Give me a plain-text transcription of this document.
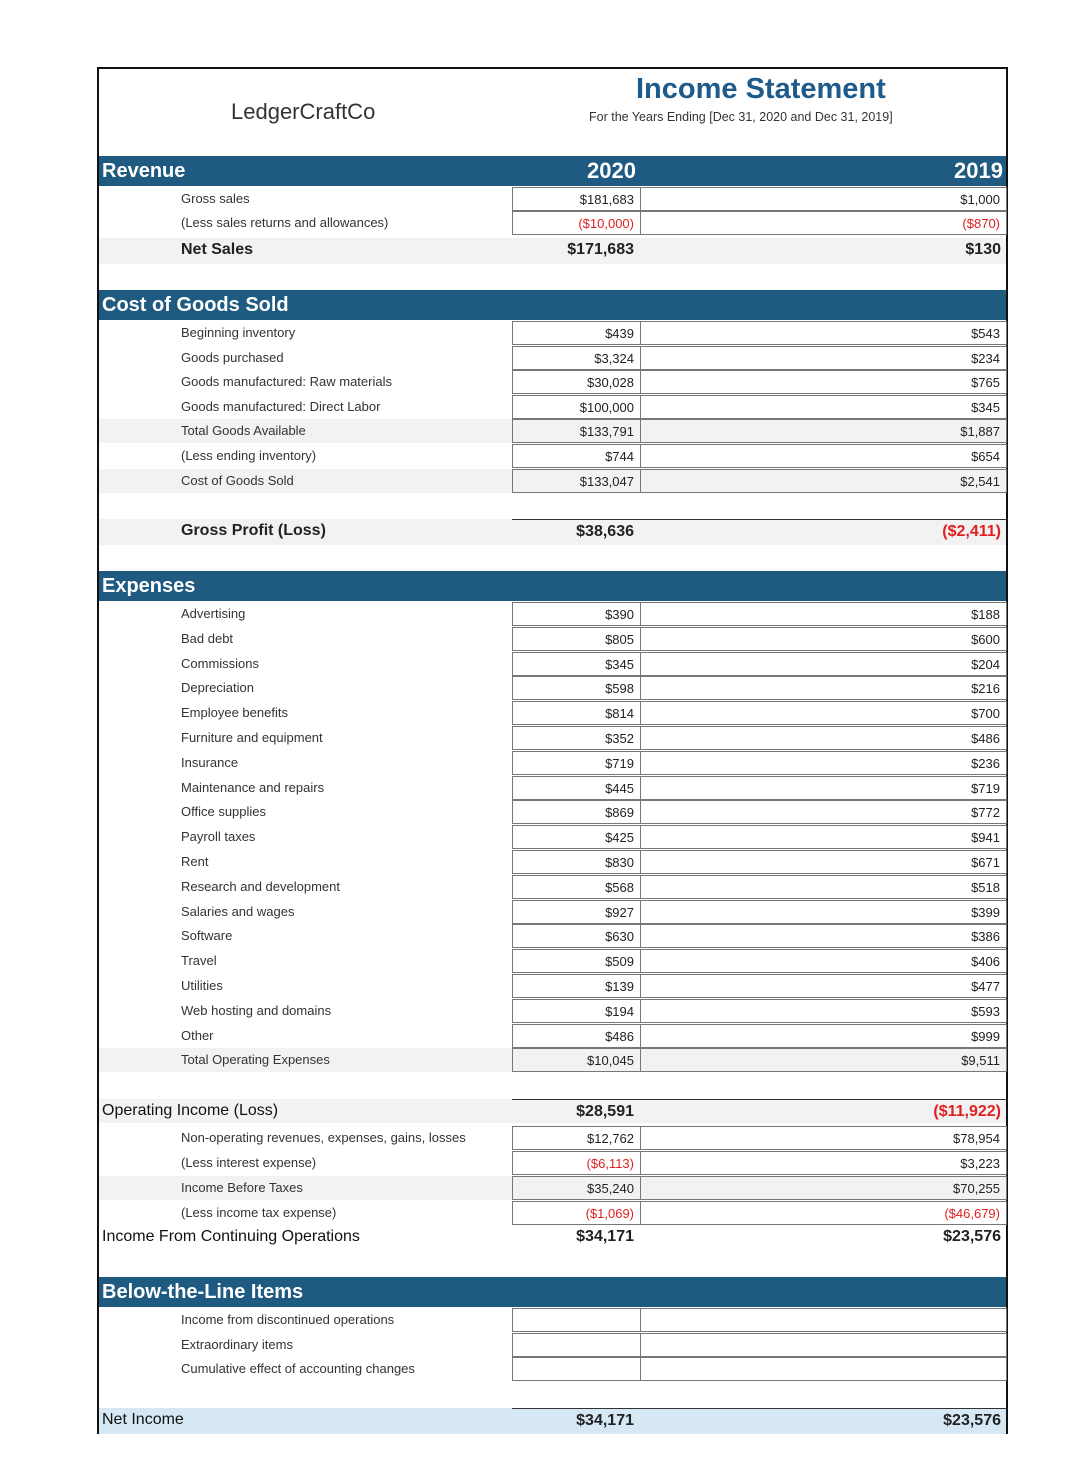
LedgerCraftCo
Income Statement
For the Years Ending [Dec 31, 2020 and Dec 31, 2019]
Revenue	2020	2019
Gross sales	$181,683	$1,000
(Less sales returns and allowances)	($10,000)	($870)
Net Sales	$171,683	$130
Cost of Goods Sold
Beginning inventory	$439	$543
Goods purchased	$3,324	$234
Goods manufactured: Raw materials	$30,028	$765
Goods manufactured: Direct Labor	$100,000	$345
Total Goods Available	$133,791	$1,887
(Less ending inventory)	$744	$654
Cost of Goods Sold	$133,047	$2,541
Gross Profit (Loss)	$38,636	($2,411)
Expenses
Advertising	$390	$188
Bad debt	$805	$600
Commissions	$345	$204
Depreciation	$598	$216
Employee benefits	$814	$700
Furniture and equipment	$352	$486
Insurance	$719	$236
Maintenance and repairs	$445	$719
Office supplies	$869	$772
Payroll taxes	$425	$941
Rent	$830	$671
Research and development	$568	$518
Salaries and wages	$927	$399
Software	$630	$386
Travel	$509	$406
Utilities	$139	$477
Web hosting and domains	$194	$593
Other	$486	$999
Total Operating Expenses	$10,045	$9,511
Operating Income (Loss)	$28,591	($11,922)
Non-operating revenues, expenses, gains, losses	$12,762	$78,954
(Less interest expense)	($6,113)	$3,223
Income Before Taxes	$35,240	$70,255
(Less income tax expense)	($1,069)	($46,679)
Income From Continuing Operations	$34,171	$23,576
Below-the-Line Items
Income from discontinued operations
Extraordinary items
Cumulative effect of accounting changes
Net Income	$34,171	$23,576
